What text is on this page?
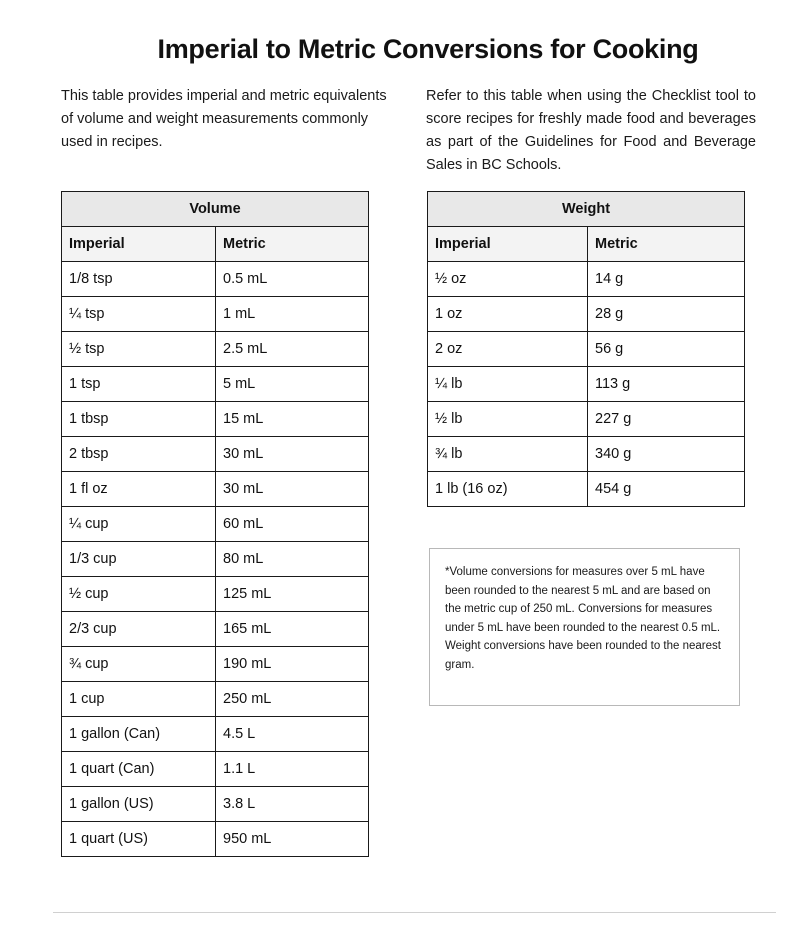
Imperial to Metric Conversions for Cooking

This table provides imperial and metric equivalents of volume and weight measurements commonly used in recipes.

Refer to this table when using the Checklist tool to score recipes for freshly made food and beverages as part of the Guidelines for Food and Beverage Sales in BC Schools.

Volume	
Imperial	Metric
1/8 tsp	0.5 mL
¼ tsp	1 mL
½ tsp	2.5 mL
1 tsp	5 mL
1 tbsp	15 mL
2 tbsp	30 mL
1 fl oz	30 mL
¼ cup	60 mL
1/3 cup	80 mL
½ cup	125 mL
2/3 cup	165 mL
¾ cup	190 mL
1 cup	250 mL
1 gallon (Can)	4.5 L
1 quart (Can)	1.1 L
1 gallon (US)	3.8 L
1 quart (US)	950 mL
Weight	
Imperial	Metric
½ oz	14 g
1 oz	28 g
2 oz	56 g
¼ lb	113 g
½ lb	227 g
¾ lb	340 g
1 lb (16 oz)	454 g
*Volume conversions for measures over 5 mL have been rounded to the nearest 5 mL and are based on the metric cup of 250 mL. Conversions for measures under 5 mL have been rounded to the nearest 0.5 mL. Weight conversions have been rounded to the nearest gram.
